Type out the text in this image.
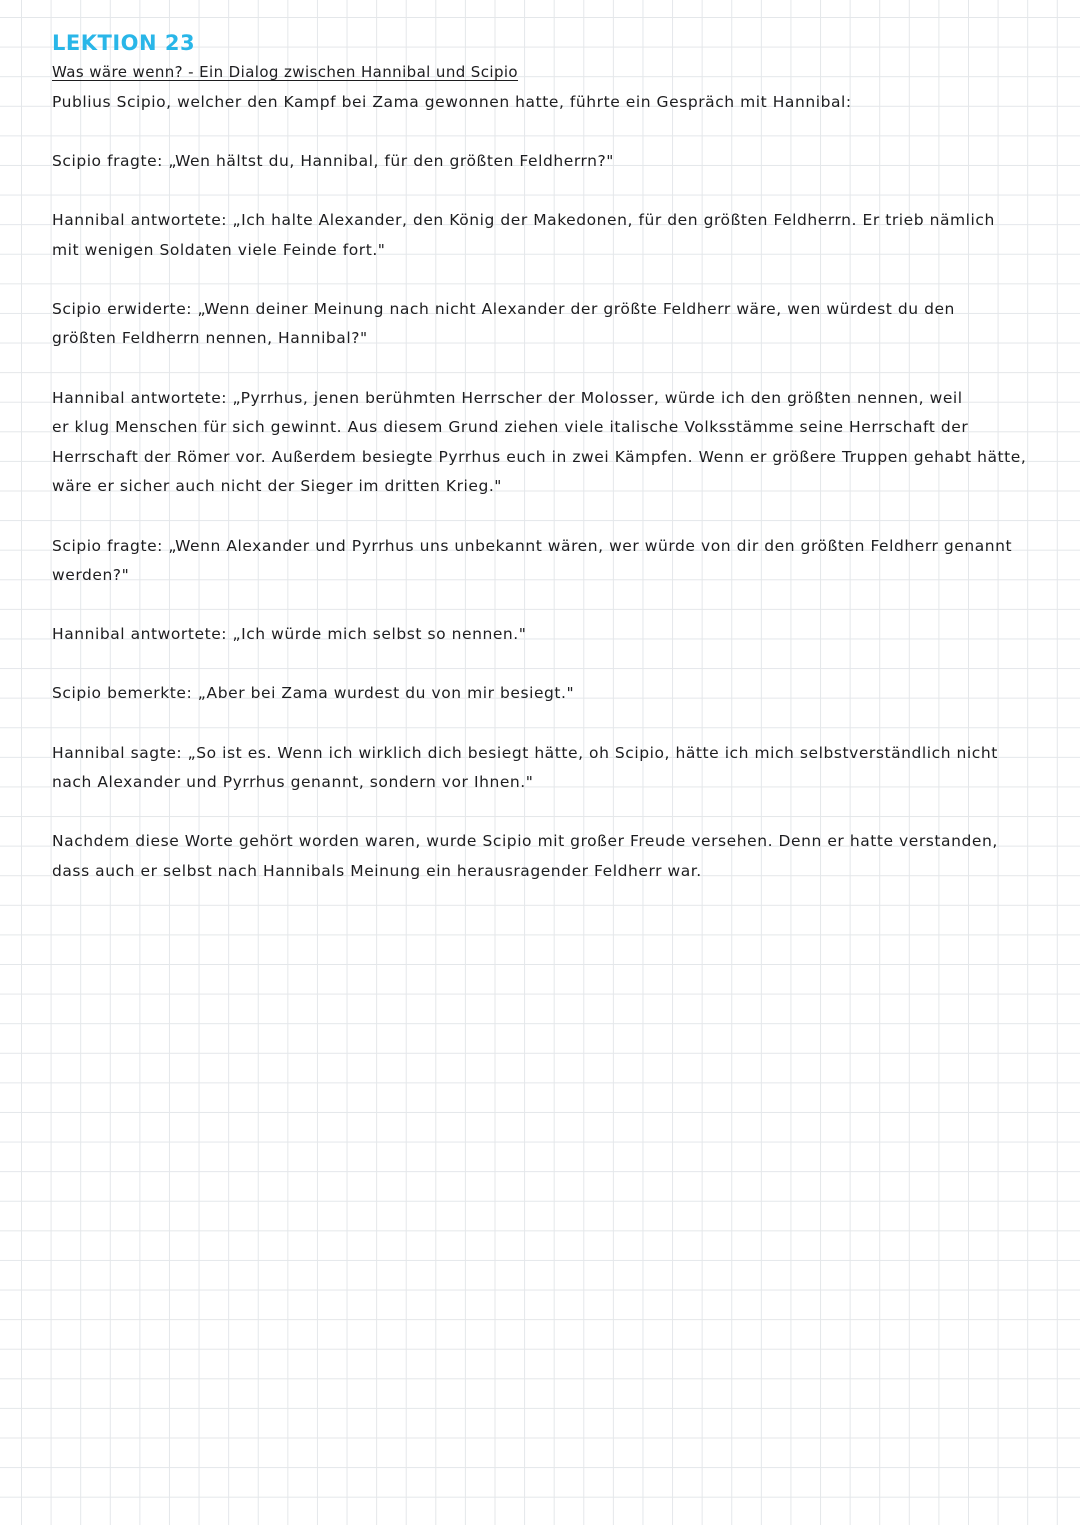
LEKTION 23
Was wäre wenn? - Ein Dialog zwischen Hannibal und Scipio
Publius Scipio, welcher den Kampf bei Zama gewonnen hatte, führte ein Gespräch mit Hannibal:
Scipio fragte: „Wen hältst du, Hannibal, für den größten Feldherrn?"
Hannibal antwortete: „Ich halte Alexander, den König der Makedonen, für den größten Feldherrn. Er trieb nämlich
mit wenigen Soldaten viele Feinde fort."
Scipio erwiderte: „Wenn deiner Meinung nach nicht Alexander der größte Feldherr wäre, wen würdest du den
größten Feldherrn nennen, Hannibal?"
Hannibal antwortete: „Pyrrhus, jenen berühmten Herrscher der Molosser, würde ich den größten nennen, weil
er klug Menschen für sich gewinnt. Aus diesem Grund ziehen viele italische Volksstämme seine Herrschaft der
Herrschaft der Römer vor. Außerdem besiegte Pyrrhus euch in zwei Kämpfen. Wenn er größere Truppen gehabt hätte,
wäre er sicher auch nicht der Sieger im dritten Krieg."
Scipio fragte: „Wenn Alexander und Pyrrhus uns unbekannt wären, wer würde von dir den größten Feldherr genannt
werden?"
Hannibal antwortete: „Ich würde mich selbst so nennen."
Scipio bemerkte: „Aber bei Zama wurdest du von mir besiegt."
Hannibal sagte: „So ist es. Wenn ich wirklich dich besiegt hätte, oh Scipio, hätte ich mich selbstverständlich nicht
nach Alexander und Pyrrhus genannt, sondern vor Ihnen."
Nachdem diese Worte gehört worden waren, wurde Scipio mit großer Freude versehen. Denn er hatte verstanden,
dass auch er selbst nach Hannibals Meinung ein herausragender Feldherr war.
